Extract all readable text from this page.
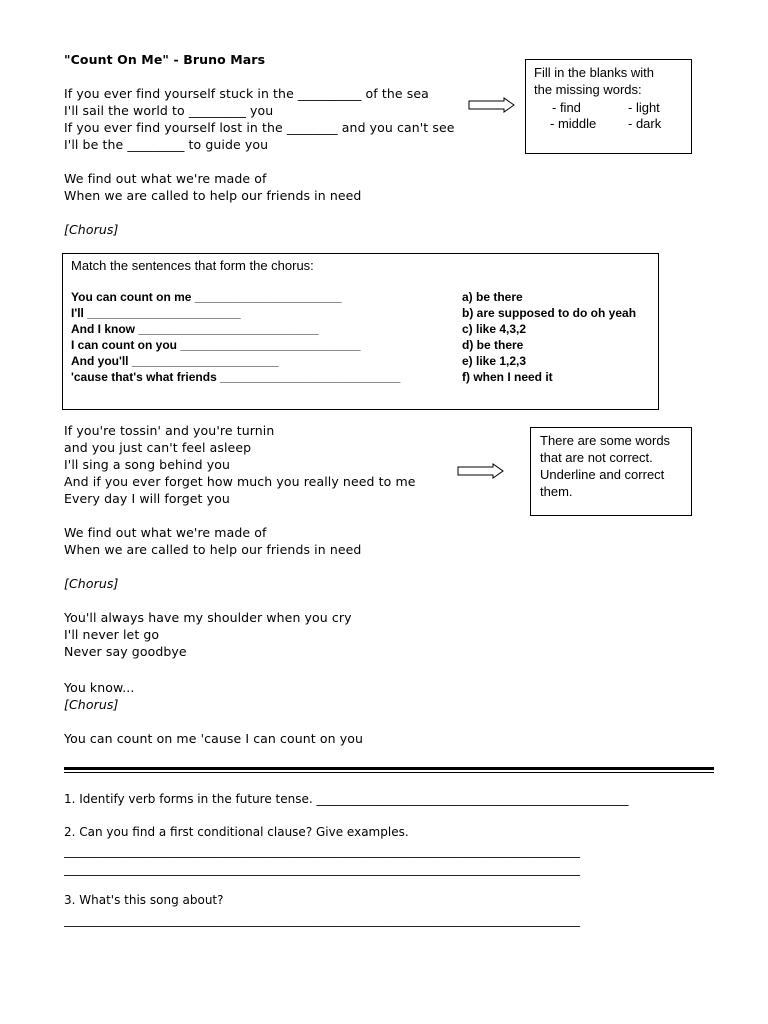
"Count On Me" - Bruno Mars
If you ever find yourself stuck in the __________ of the sea
I'll sail the world to _________ you
If you ever find yourself lost in the ________ and you can't see
I'll be the _________ to guide you
Fill in the blanks with
the missing words:
- find	- light
- middle - dark
We find out what we're made of
When we are called to help our friends in need
[Chorus]
Match the sentences that form the chorus:
You can count on me ______________________
I'll _______________________
And I know ___________________________
I can count on you ___________________________
And you'll ______________________
'cause that's what friends ___________________________
a) be there
b) are supposed to do oh yeah
c) like 4,3,2
d) be there
e) like 1,2,3
f) when I need it
If you're tossin' and you're turnin
and you just can't feel asleep
I'll sing a song behind you
And if you ever forget how much you really need to me
Every day I will forget you
There are some words
that are not correct.
Underline and correct
them.
We find out what we're made of
When we are called to help our friends in need
[Chorus]
You'll always have my shoulder when you cry
I'll never let go
Never say goodbye
You know...
[Chorus]
You can count on me 'cause I can count on you
1. Identify verb forms in the future tense. ____________________________________________________
2. Can you find a first conditional clause? Give examples.
______________________________________________________________________________________
______________________________________________________________________________________
3. What's this song about?
______________________________________________________________________________________
